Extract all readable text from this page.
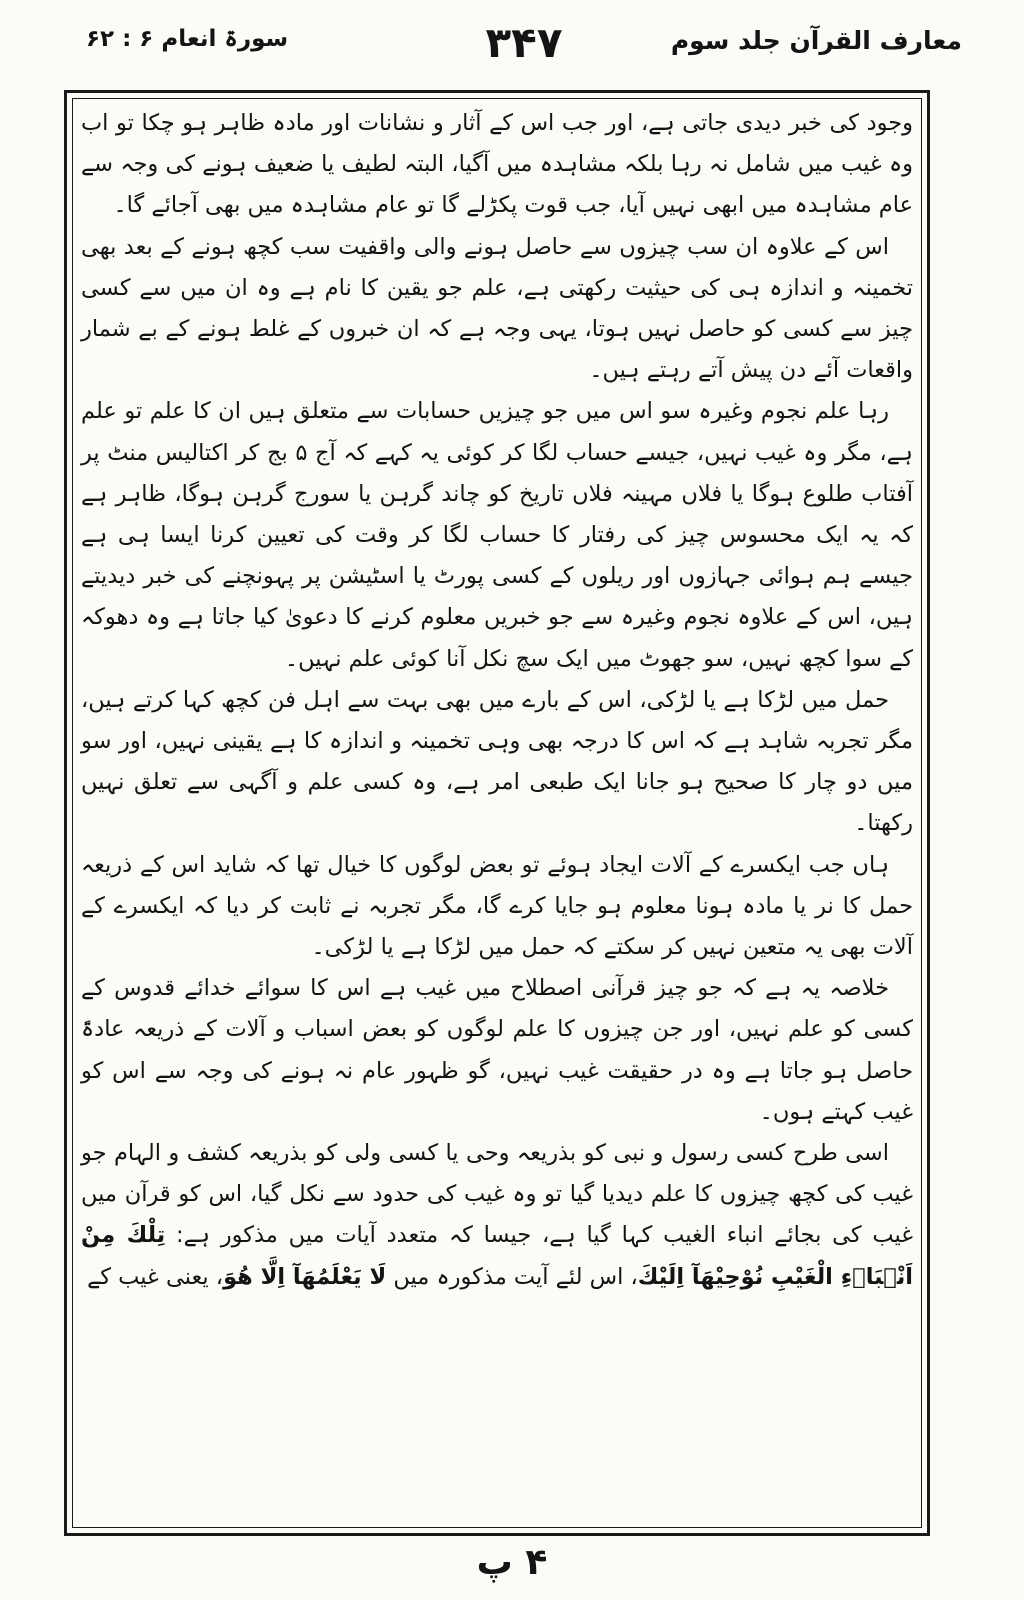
معارف القرآن جلد سوم
۳۴۷
سورۃ انعام ۶ : ۶۲

وجود کی خبر دیدی جاتی ہے، اور جب اس کے آثار و نشانات اور مادہ ظاہر ہو چکا تو اب وہ غیب میں شامل نہ رہا بلکہ مشاہدہ میں آگیا، البتہ لطیف یا ضعیف ہونے کی وجہ سے عام مشاہدہ میں ابھی نہیں آیا، جب قوت پکڑلے گا تو عام مشاہدہ میں بھی آجائے گا۔

اس کے علاوہ ان سب چیزوں سے حاصل ہونے والی واقفیت سب کچھ ہونے کے بعد بھی تخمینہ و اندازہ ہی کی حیثیت رکھتی ہے، علم جو یقین کا نام ہے وہ ان میں سے کسی چیز سے کسی کو حاصل نہیں ہوتا، یہی وجہ ہے کہ ان خبروں کے غلط ہونے کے بے شمار واقعات آئے دن پیش آتے رہتے ہیں۔

رہا علم نجوم وغیرہ سو اس میں جو چیزیں حسابات سے متعلق ہیں ان کا علم تو علم ہے، مگر وہ غیب نہیں، جیسے حساب لگا کر کوئی یہ کہے کہ آج ۵ بج کر اکتالیس منٹ پر آفتاب طلوع ہوگا یا فلاں مہینہ فلاں تاریخ کو چاند گرہن یا سورج گرہن ہوگا، ظاہر ہے کہ یہ ایک محسوس چیز کی رفتار کا حساب لگا کر وقت کی تعیین کرنا ایسا ہی ہے جیسے ہم ہوائی جہازوں اور ریلوں کے کسی پورٹ یا اسٹیشن پر پہونچنے کی خبر دیدیتے ہیں، اس کے علاوہ نجوم وغیرہ سے جو خبریں معلوم کرنے کا دعویٰ کیا جاتا ہے وہ دھوکہ کے سوا کچھ نہیں، سو جھوٹ میں ایک سچ نکل آنا کوئی علم نہیں۔

حمل میں لڑکا ہے یا لڑکی، اس کے بارے میں بھی بہت سے اہل فن کچھ کہا کرتے ہیں، مگر تجربہ شاہد ہے کہ اس کا درجہ بھی وہی تخمینہ و اندازہ کا ہے یقینی نہیں، اور سو میں دو چار کا صحیح ہو جانا ایک طبعی امر ہے، وہ کسی علم و آگہی سے تعلق نہیں رکھتا۔

ہاں جب ایکسرے کے آلات ایجاد ہوئے تو بعض لوگوں کا خیال تھا کہ شاید اس کے ذریعہ حمل کا نر یا مادہ ہونا معلوم ہو جایا کرے گا، مگر تجربہ نے ثابت کر دیا کہ ایکسرے کے آلات بھی یہ متعین نہیں کر سکتے کہ حمل میں لڑکا ہے یا لڑکی۔

خلاصہ یہ ہے کہ جو چیز قرآنی اصطلاح میں غیب ہے اس کا سوائے خدائے قدوس کے کسی کو علم نہیں، اور جن چیزوں کا علم لوگوں کو بعض اسباب و آلات کے ذریعہ عادۃً حاصل ہو جاتا ہے وہ در حقیقت غیب نہیں، گو ظہور عام نہ ہونے کی وجہ سے اس کو غیب کہتے ہوں۔

اسی طرح کسی رسول و نبی کو بذریعہ وحی یا کسی ولی کو بذریعہ کشف و الہام جو غیب کی کچھ چیزوں کا علم دیدیا گیا تو وہ غیب کی حدود سے نکل گیا، اس کو قرآن میں غیب کی بجائے انباء الغیب کہا گیا ہے، جیسا کہ متعدد آیات میں مذکور ہے: تِلْكَ مِنْ اَنْۢبَاۗءِ الْغَيْبِ نُوْحِيْهَآ اِلَيْكَ، اس لئے آیت مذکورہ میں لَا يَعْلَمُهَآ اِلَّا هُوَ، یعنی غیب کے

۴ پ
